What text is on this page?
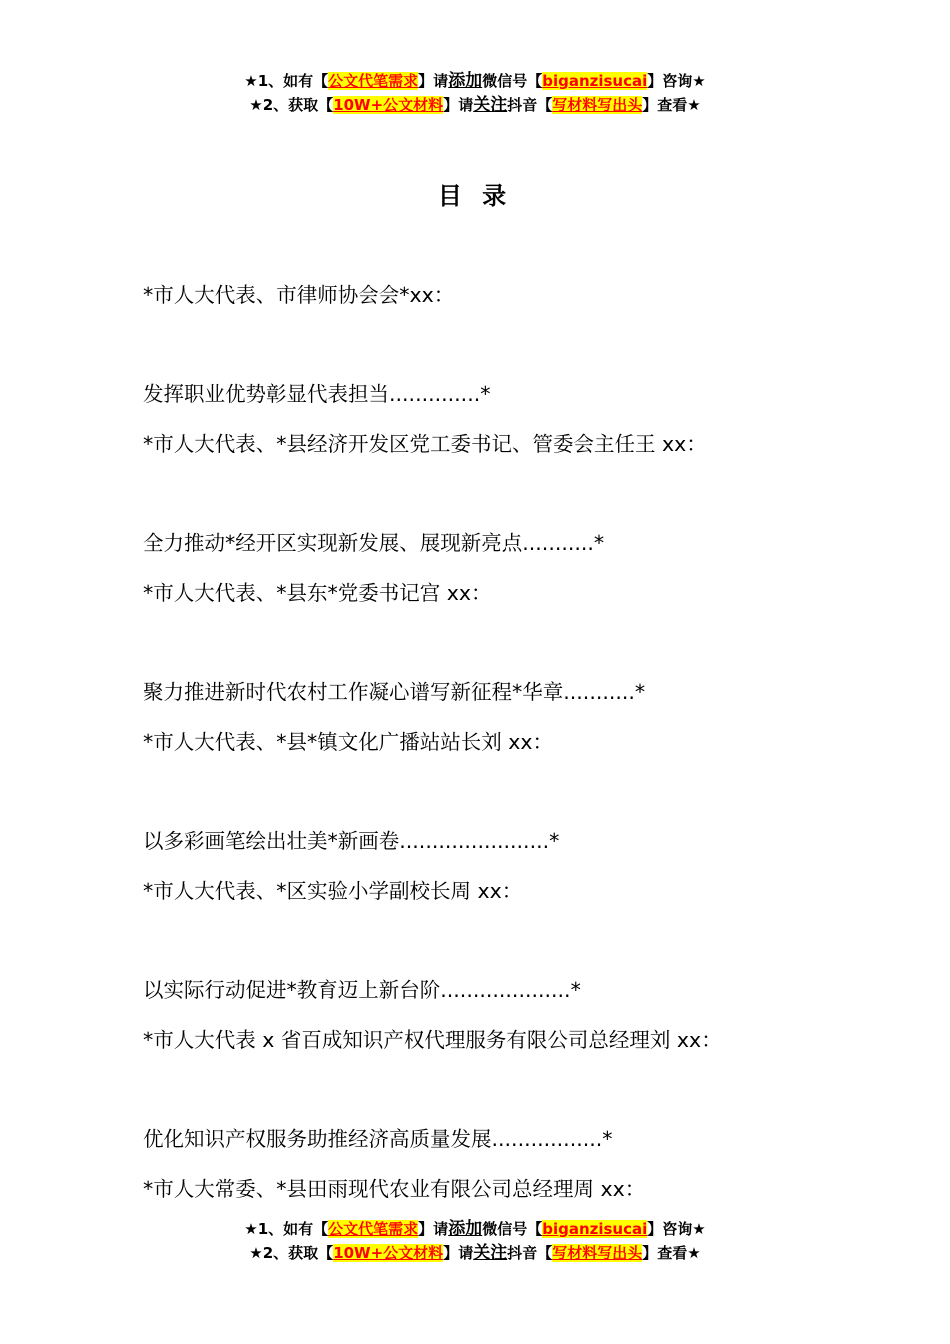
★1、如有【公文代笔需求】请添加微信号【biganzisucai】咨询★
★2、获取【10W+公文材料】请关注抖音【写材料写出头】查看★
目 录
*市人大代表、市律师协会会*xx：
发挥职业优势彰显代表担当..............*
*市人大代表、*县经济开发区党工委书记、管委会主任王 xx：
全力推动*经开区实现新发展、展现新亮点...........*
*市人大代表、*县东*党委书记宫 xx：
聚力推进新时代农村工作凝心谱写新征程*华章...........*
*市人大代表、*县*镇文化广播站站长刘 xx：
以多彩画笔绘出壮美*新画卷.......................*
*市人大代表、*区实验小学副校长周 xx：
以实际行动促进*教育迈上新台阶....................*
*市人大代表 x 省百成知识产权代理服务有限公司总经理刘 xx：
优化知识产权服务助推经济高质量发展.................*
*市人大常委、*县田雨现代农业有限公司总经理周 xx：
★1、如有【公文代笔需求】请添加微信号【biganzisucai】咨询★
★2、获取【10W+公文材料】请关注抖音【写材料写出头】查看★
